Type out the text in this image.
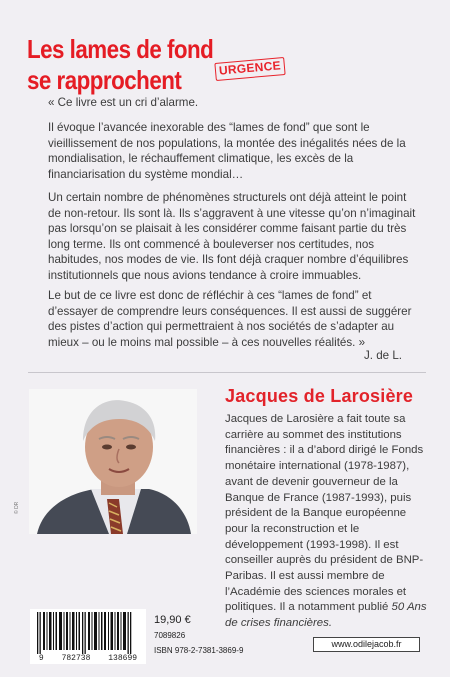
Les lames de fond
se rapprochent	URGENCE

« Ce livre est un cri d’alarme.

Il évoque l’avancée inexorable des “lames de fond” que sont le vieillissement de nos populations, la montée des inégalités nées de la mondialisation, le réchauffement climatique, les excès de la financiarisation du système mondial…

Un certain nombre de phénomènes structurels ont déjà atteint le point de non-retour. Ils sont là. Ils s’aggravent à une vitesse qu’on n’imaginait pas lorsqu’on se plaisait à les considérer comme faisant partie du très long terme. Ils ont commencé à bouleverser nos certitudes, nos habitudes, nos modes de vie. Ils font déjà craquer nombre d’équilibres institutionnels que nous avions tendance à croire immuables.

Le but de ce livre est donc de réfléchir à ces “lames de fond” et d’essayer de comprendre leurs conséquences. Il est aussi de suggérer des pistes d’action qui permettraient à nos sociétés de s’adapter au mieux – ou le moins mal possible – à ces nouvelles réalités. »

J. de L.
© DR
Jacques de Larosière

Jacques de Larosière a fait toute sa carrière au sommet des institutions financières : il a d’abord dirigé le Fonds monétaire international (1978-1987), avant de devenir gouverneur de la Banque de France (1987-1993), puis président de la Banque européenne pour la reconstruction et le développement (1993-1998). Il est conseiller auprès du président de BNP-Paribas. Il est aussi membre de l’Académie des sciences morales et politiques. Il a notamment publié 50 Ans de crises financières.

9 782738 138699
19,90 €
7089826
ISBN 978-2-7381-3869-9
www.odilejacob.fr
